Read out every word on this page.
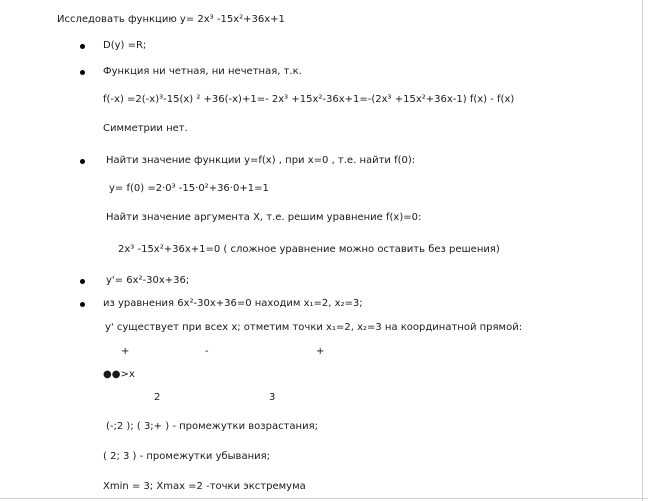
Исследовать функцию y= 2x³ -15x²+36x+1
D(y) =R;
Функция ни четная, ни нечетная, т.к.
f(-x) =2(-x)³-15(x) ² +36(-x)+1=- 2x³ +15x²-36x+1=-(2x³ +15x²+36x-1) f(x) - f(x)
Симметрии нет.
Найти значение функции y=f(x) , при x=0 , т.е. найти f(0):
y= f(0) =2·0³ -15·0²+36·0+1=1
Найти значение аргумента X, т.е. решим уравнение f(x)=0:
2x³ -15x²+36x+1=0 ( сложное уравнение можно оставить без решения)
y'= 6x²-30x+36;
из уравнения 6x²-30x+36=0 находим x₁=2, x₂=3;
y' существует при всех x; отметим точки x₁=2, x₂=3 на координатной прямой:
+	-	+
●●>x
2	3
(-;2 ); ( 3;+ ) - промежутки возрастания;
( 2; 3 ) - промежутки убывания;
Xmin = 3; Xmax =2 -точки экстремума
